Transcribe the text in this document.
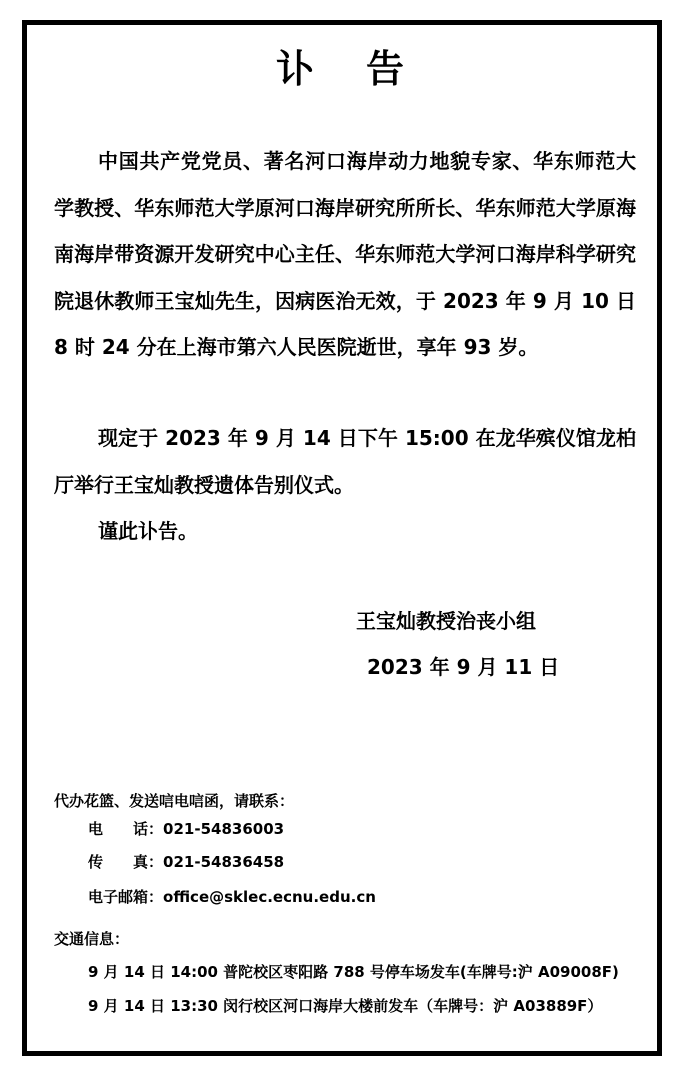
讣告

中国共产党党员、著名河口海岸动力地貌专家、华东师范大学教授、华东师范大学原河口海岸研究所所长、华东师范大学原海南海岸带资源开发研究中心主任、华东师范大学河口海岸科学研究院退休教师王宝灿先生，因病医治无效，于 2023 年 9 月 10 日 8 时 24 分在上海市第六人民医院逝世，享年 93 岁。

现定于 2023 年 9 月 14 日下午 15:00 在龙华殡仪馆龙柏厅举行王宝灿教授遗体告别仪式。

谨此讣告。

王宝灿教授治丧小组
2023 年 9 月 11 日
代办花篮、发送唁电唁函，请联系：
电话：021-54836003
传真：021-54836458
电子邮箱：office@sklec.ecnu.edu.cn
交通信息：
9 月 14 日 14:00 普陀校区枣阳路 788 号停车场发车(车牌号:沪 A09008F)
9 月 14 日 13:30 闵行校区河口海岸大楼前发车（车牌号：沪 A03889F）
